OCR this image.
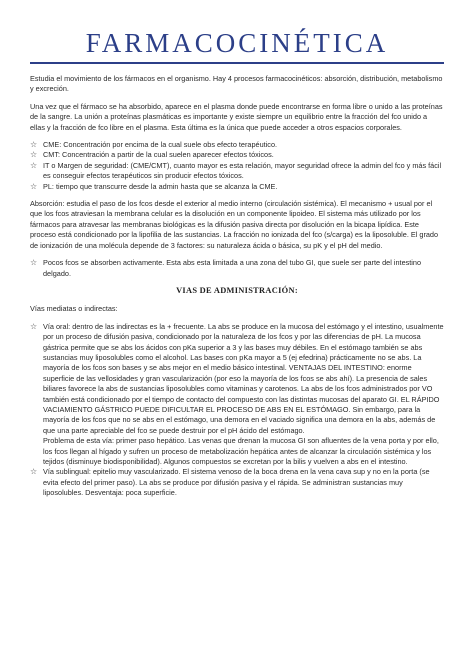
FARMACOCINÉTICA

Estudia el movimiento de los fármacos en el organismo. Hay 4 procesos farmacocinéticos: absorción, distribución, metabolismo y excreción.

Una vez que el fármaco se ha absorbido, aparece en el plasma donde puede encontrarse en forma libre o unido a las proteínas de la sangre. La unión a proteínas plasmáticas es importante y existe siempre un equilibrio entre la fracción del fco unido a ellas y la fracción de fco libre en el plasma. Esta última es la única que puede acceder a otros espacios corporales.

☆ CME: Concentración por encima de la cual suele obs efecto terapéutico.
☆ CMT: Concentración a partir de la cual suelen aparecer efectos tóxicos.
☆ IT o Margen de seguridad: (CME/CMT), cuanto mayor es esta relación, mayor seguridad ofrece la admin del fco y más fácil es conseguir efectos terapéuticos sin producir efectos tóxicos.
☆ PL: tiempo que transcurre desde la admin hasta que se alcanza la CME.

Absorción: estudia el paso de los fcos desde el exterior al medio interno (circulación sistémica). El mecanismo + usual por el que los fcos atraviesan la membrana celular es la disolución en un componente lipoideo. El sistema más utilizado por los fármacos para atravesar las membranas biológicas es la difusión pasiva directa por disolución en la bicapa lipídica. Este proceso está condicionado por la lipofilia de las sustancias. La fracción no ionizada del fco (s/carga) es la liposoluble. El grado de ionización de una molécula depende de 3 factores: su naturaleza ácida o básica, su pK y el pH del medio.

☆ Pocos fcos se absorben activamente. Esta abs esta limitada a una zona del tubo GI, que suele ser parte del intestino delgado.
VIAS DE ADMINISTRACIÓN:

Vías mediatas o indirectas:

☆ Vía oral: dentro de las indirectas es la + frecuente. La abs se produce en la mucosa del estómago y el intestino, usualmente por un proceso de difusión pasiva, condicionado por la naturaleza de los fcos y por las diferencias de pH. La mucosa gástrica permite que se abs los ácidos con pKa superior a 3 y las bases muy débiles. En el estómago también se abs sustancias muy liposolubles como el alcohol. Las bases con pKa mayor a 5 (ej efedrina) prácticamente no se abs. La mayoría de los fcos son bases y se abs mejor en el medio básico intestinal. VENTAJAS DEL INTESTINO: enorme superficie de las vellosidades y gran vascularización (por eso la mayoría de los fcos se abs ahí). La presencia de sales biliares favorece la abs de sustancias liposolubles como vitaminas y carotenos. La abs de los fcos administrados por VO también está condicionado por el tiempo de contacto del compuesto con las distintas mucosas del aparato GI. EL RÁPIDO VACIAMIENTO GÁSTRICO PUEDE DIFICULTAR EL PROCESO DE ABS EN EL ESTÓMAGO. Sin embargo, para la mayoría de los fcos que no se abs en el estómago, una demora en el vaciado significa una demora en la abs, además de que una parte apreciable del fco se puede destruir por el pH ácido del estómago.

Problema de esta vía: primer paso hepático. Las venas que drenan la mucosa GI son afluentes de la vena porta y por ello, los fcos llegan al hígado y sufren un proceso de metabolización hepática antes de alcanzar la circulación sistémica y los tejidos (disminuye biodisponibilidad). Algunos compuestos se excretan por la bilis y vuelven a abs en el intestino.

☆ Vía sublingual: epitelio muy vascularizado. El sistema venoso de la boca drena en la vena cava sup y no en la porta (se evita efecto del primer paso). La abs se produce por difusión pasiva y el rápida. Se administran sustancias muy liposolubles. Desventaja: poca superficie.
